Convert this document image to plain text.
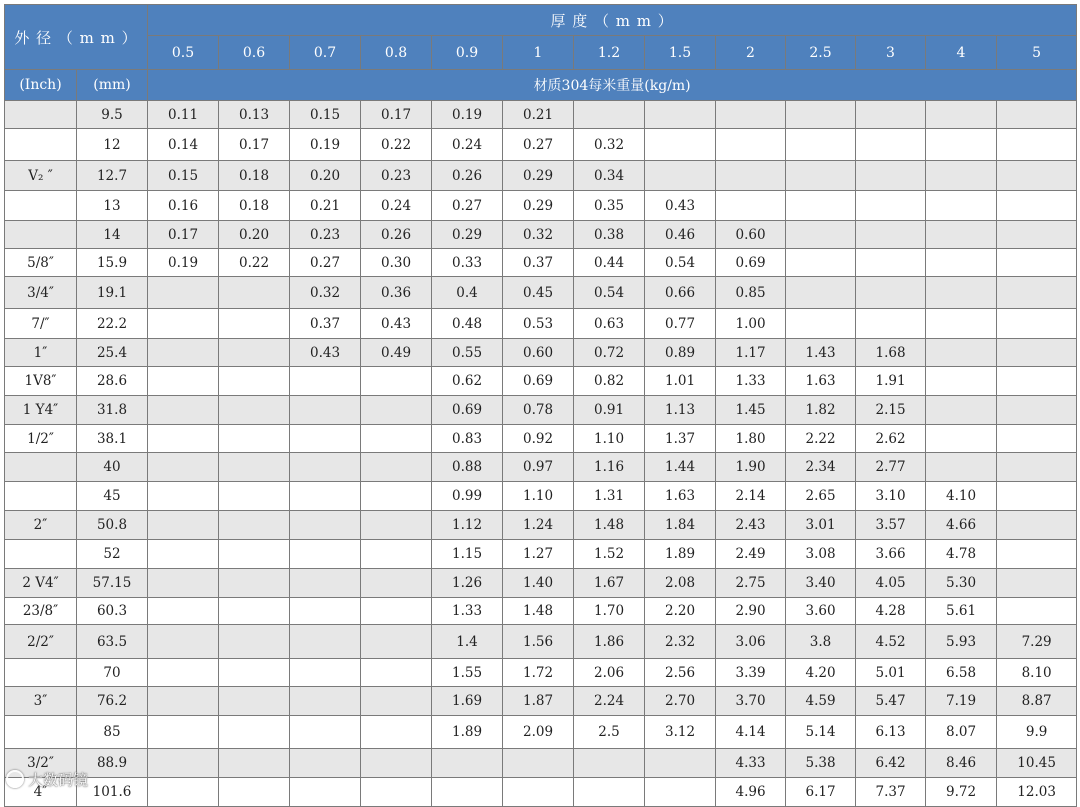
外 径 （ m m ）		厚 度 （ m m ）												
		0.5	0.6	0.7	0.8	0.9	1	1.2	1.5	2	2.5	3	4	5
(Inch)	(mm)	材质304每米重量(kg/m)												
	9.5	0.11	0.13	0.15	0.17	0.19	0.21							
	12	0.14	0.17	0.19	0.22	0.24	0.27	0.32						
V₂ ″	12.7	0.15	0.18	0.20	0.23	0.26	0.29	0.34						
	13	0.16	0.18	0.21	0.24	0.27	0.29	0.35	0.43					
	14	0.17	0.20	0.23	0.26	0.29	0.32	0.38	0.46	0.60				
5/8″	15.9	0.19	0.22	0.27	0.30	0.33	0.37	0.44	0.54	0.69				
3/4″	19.1			0.32	0.36	0.4	0.45	0.54	0.66	0.85				
7/″	22.2			0.37	0.43	0.48	0.53	0.63	0.77	1.00				
1″	25.4			0.43	0.49	0.55	0.60	0.72	0.89	1.17	1.43	1.68		
1V8″	28.6					0.62	0.69	0.82	1.01	1.33	1.63	1.91		
1 Y4″	31.8					0.69	0.78	0.91	1.13	1.45	1.82	2.15		
1/2″	38.1					0.83	0.92	1.10	1.37	1.80	2.22	2.62		
	40					0.88	0.97	1.16	1.44	1.90	2.34	2.77		
	45					0.99	1.10	1.31	1.63	2.14	2.65	3.10	4.10	
2″	50.8					1.12	1.24	1.48	1.84	2.43	3.01	3.57	4.66	
	52					1.15	1.27	1.52	1.89	2.49	3.08	3.66	4.78	
2 V4″	57.15					1.26	1.40	1.67	2.08	2.75	3.40	4.05	5.30	
23/8″	60.3					1.33	1.48	1.70	2.20	2.90	3.60	4.28	5.61	
2/2″	63.5					1.4	1.56	1.86	2.32	3.06	3.8	4.52	5.93	7.29
	70					1.55	1.72	2.06	2.56	3.39	4.20	5.01	6.58	8.10
3″	76.2					1.69	1.87	2.24	2.70	3.70	4.59	5.47	7.19	8.87
	85					1.89	2.09	2.5	3.12	4.14	5.14	6.13	8.07	9.9
3/2″	88.9									4.33	5.38	6.42	8.46	10.45
4″	101.6									4.96	6.17	7.37	9.72	12.03
大数码镜
